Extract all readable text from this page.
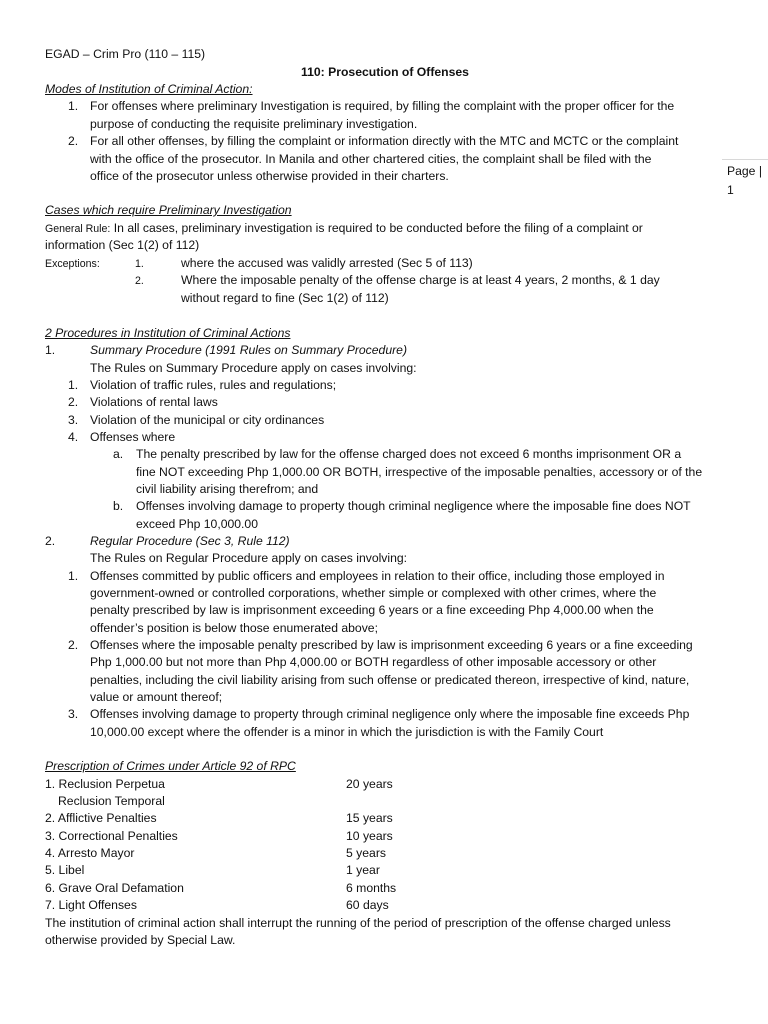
EGAD – Crim Pro (110 – 115)
110: Prosecution of Offenses
Page |
1
Modes of Institution of Criminal Action:
1. For offenses where preliminary Investigation is required, by filling the complaint with the proper officer for the
purpose of conducting the requisite preliminary investigation.
2. For all other offenses, by filling the complaint or information directly with the MTC and MCTC or the complaint
with the office of the prosecutor. In Manila and other chartered cities, the complaint shall be filed with the
office of the prosecutor unless otherwise provided in their charters.
Cases which require Preliminary Investigation
General Rule: In all cases, preliminary investigation is required to be conducted before the filing of a complaint or
information (Sec 1(2) of 112)
Exceptions:	1.	where the accused was validly arrested (Sec 5 of 113)
2.	Where the imposable penalty of the offense charge is at least 4 years, 2 months, & 1 day
without regard to fine (Sec 1(2) of 112)
2 Procedures in Institution of Criminal Actions
1.	Summary Procedure (1991 Rules on Summary Procedure)
The Rules on Summary Procedure apply on cases involving:
1. Violation of traffic rules, rules and regulations;
2. Violations of rental laws
3. Violation of the municipal or city ordinances
4. Offenses where
a. The penalty prescribed by law for the offense charged does not exceed 6 months imprisonment OR a
fine NOT exceeding Php 1,000.00 OR BOTH, irrespective of the imposable penalties, accessory or of the
civil liability arising therefrom; and
b. Offenses involving damage to property though criminal negligence where the imposable fine does NOT
exceed Php 10,000.00
2.	Regular Procedure (Sec 3, Rule 112)
The Rules on Regular Procedure apply on cases involving:
1. Offenses committed by public officers and employees in relation to their office, including those employed in
government-owned or controlled corporations, whether simple or complexed with other crimes, where the
penalty prescribed by law is imprisonment exceeding 6 years or a fine exceeding Php 4,000.00 when the
offender’s position is below those enumerated above;
2. Offenses where the imposable penalty prescribed by law is imprisonment exceeding 6 years or a fine exceeding
Php 1,000.00 but not more than Php 4,000.00 or BOTH regardless of other imposable accessory or other
penalties, including the civil liability arising from such offense or predicated thereon, irrespective of kind, nature,
value or amount thereof;
3. Offenses involving damage to property through criminal negligence only where the imposable fine exceeds Php
10,000.00 except where the offender is a minor in which the jurisdiction is with the Family Court
Prescription of Crimes under Article 92 of RPC
1. Reclusion Perpetua	20 years
Reclusion Temporal
2. Afflictive Penalties	15 years
3. Correctional Penalties	10 years
4. Arresto Mayor	5 years
5. Libel	1 year
6. Grave Oral Defamation	6 months
7. Light Offenses	60 days
The institution of criminal action shall interrupt the running of the period of prescription of the offense charged unless
otherwise provided by Special Law.
